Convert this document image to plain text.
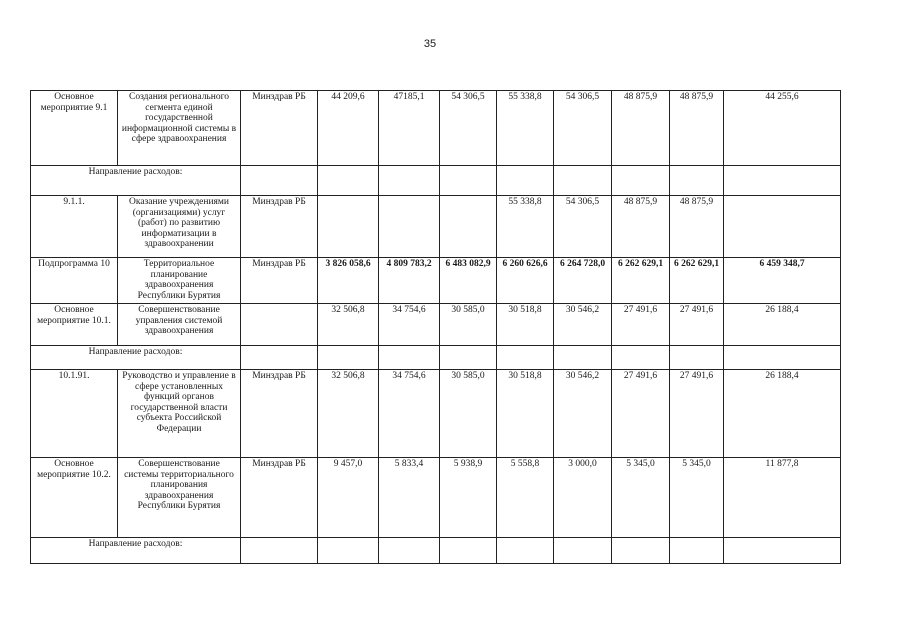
35
Основное мероприятие 9.1	Создания регионального сегмента единой государственной информационной системы в сфере здравоохранения	Минздрав РБ	44 209,6	47185,1	54 306,5	55 338,8	54 306,5	48 875,9	48 875,9	44 255,6
Направление расходов:										
9.1.1.	Оказание учреждениями (организациями) услуг (работ) по развитию информатизации в здравоохранении	Минздрав РБ				55 338,8	54 306,5	48 875,9	48 875,9	
Подпрограмма 10	Территориальное планирование здравоохранения Республики Бурятия	Минздрав РБ	3 826 058,6	4 809 783,2	6 483 082,9	6 260 626,6	6 264 728,0	6 262 629,1	6 262 629,1	6 459 348,7
Основное мероприятие 10.1.	Совершенствование управления системой здравоохранения		32 506,8	34 754,6	30 585,0	30 518,8	30 546,2	27 491,6	27 491,6	26 188,4
Направление расходов:										
10.1.91.	Руководство и управление в сфере установленных функций органов государственной власти субъекта Российской Федерации	Минздрав РБ	32 506,8	34 754,6	30 585,0	30 518,8	30 546,2	27 491,6	27 491,6	26 188,4
Основное мероприятие 10.2.	Совершенствование системы территориального планирования здравоохранения Республики Бурятия	Минздрав РБ	9 457,0	5 833,4	5 938,9	5 558,8	3 000,0	5 345,0	5 345,0	11 877,8
Направление расходов:										
